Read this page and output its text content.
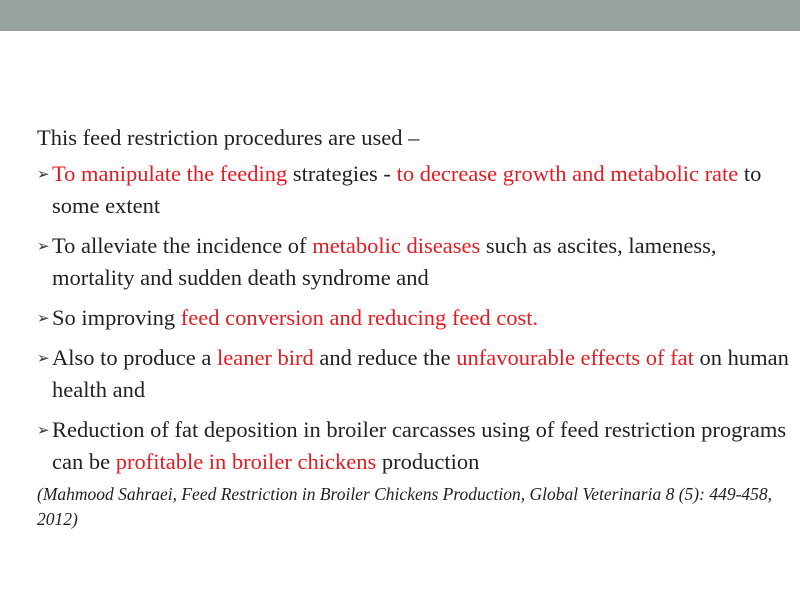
This feed restriction procedures are used –
➢ To manipulate the feeding strategies - to decrease growth and metabolic rate to some extent
➢ To alleviate the incidence of metabolic diseases such as ascites, lameness, mortality and sudden death syndrome and
➢ So improving feed conversion and reducing feed cost.
➢ Also to produce a leaner bird and reduce the unfavourable effects of fat on human health and
➢ Reduction of fat deposition in broiler carcasses using of feed restriction programs can be profitable in broiler chickens production
(Mahmood Sahraei, Feed Restriction in Broiler Chickens Production, Global Veterinaria 8 (5): 449-458, 2012)
